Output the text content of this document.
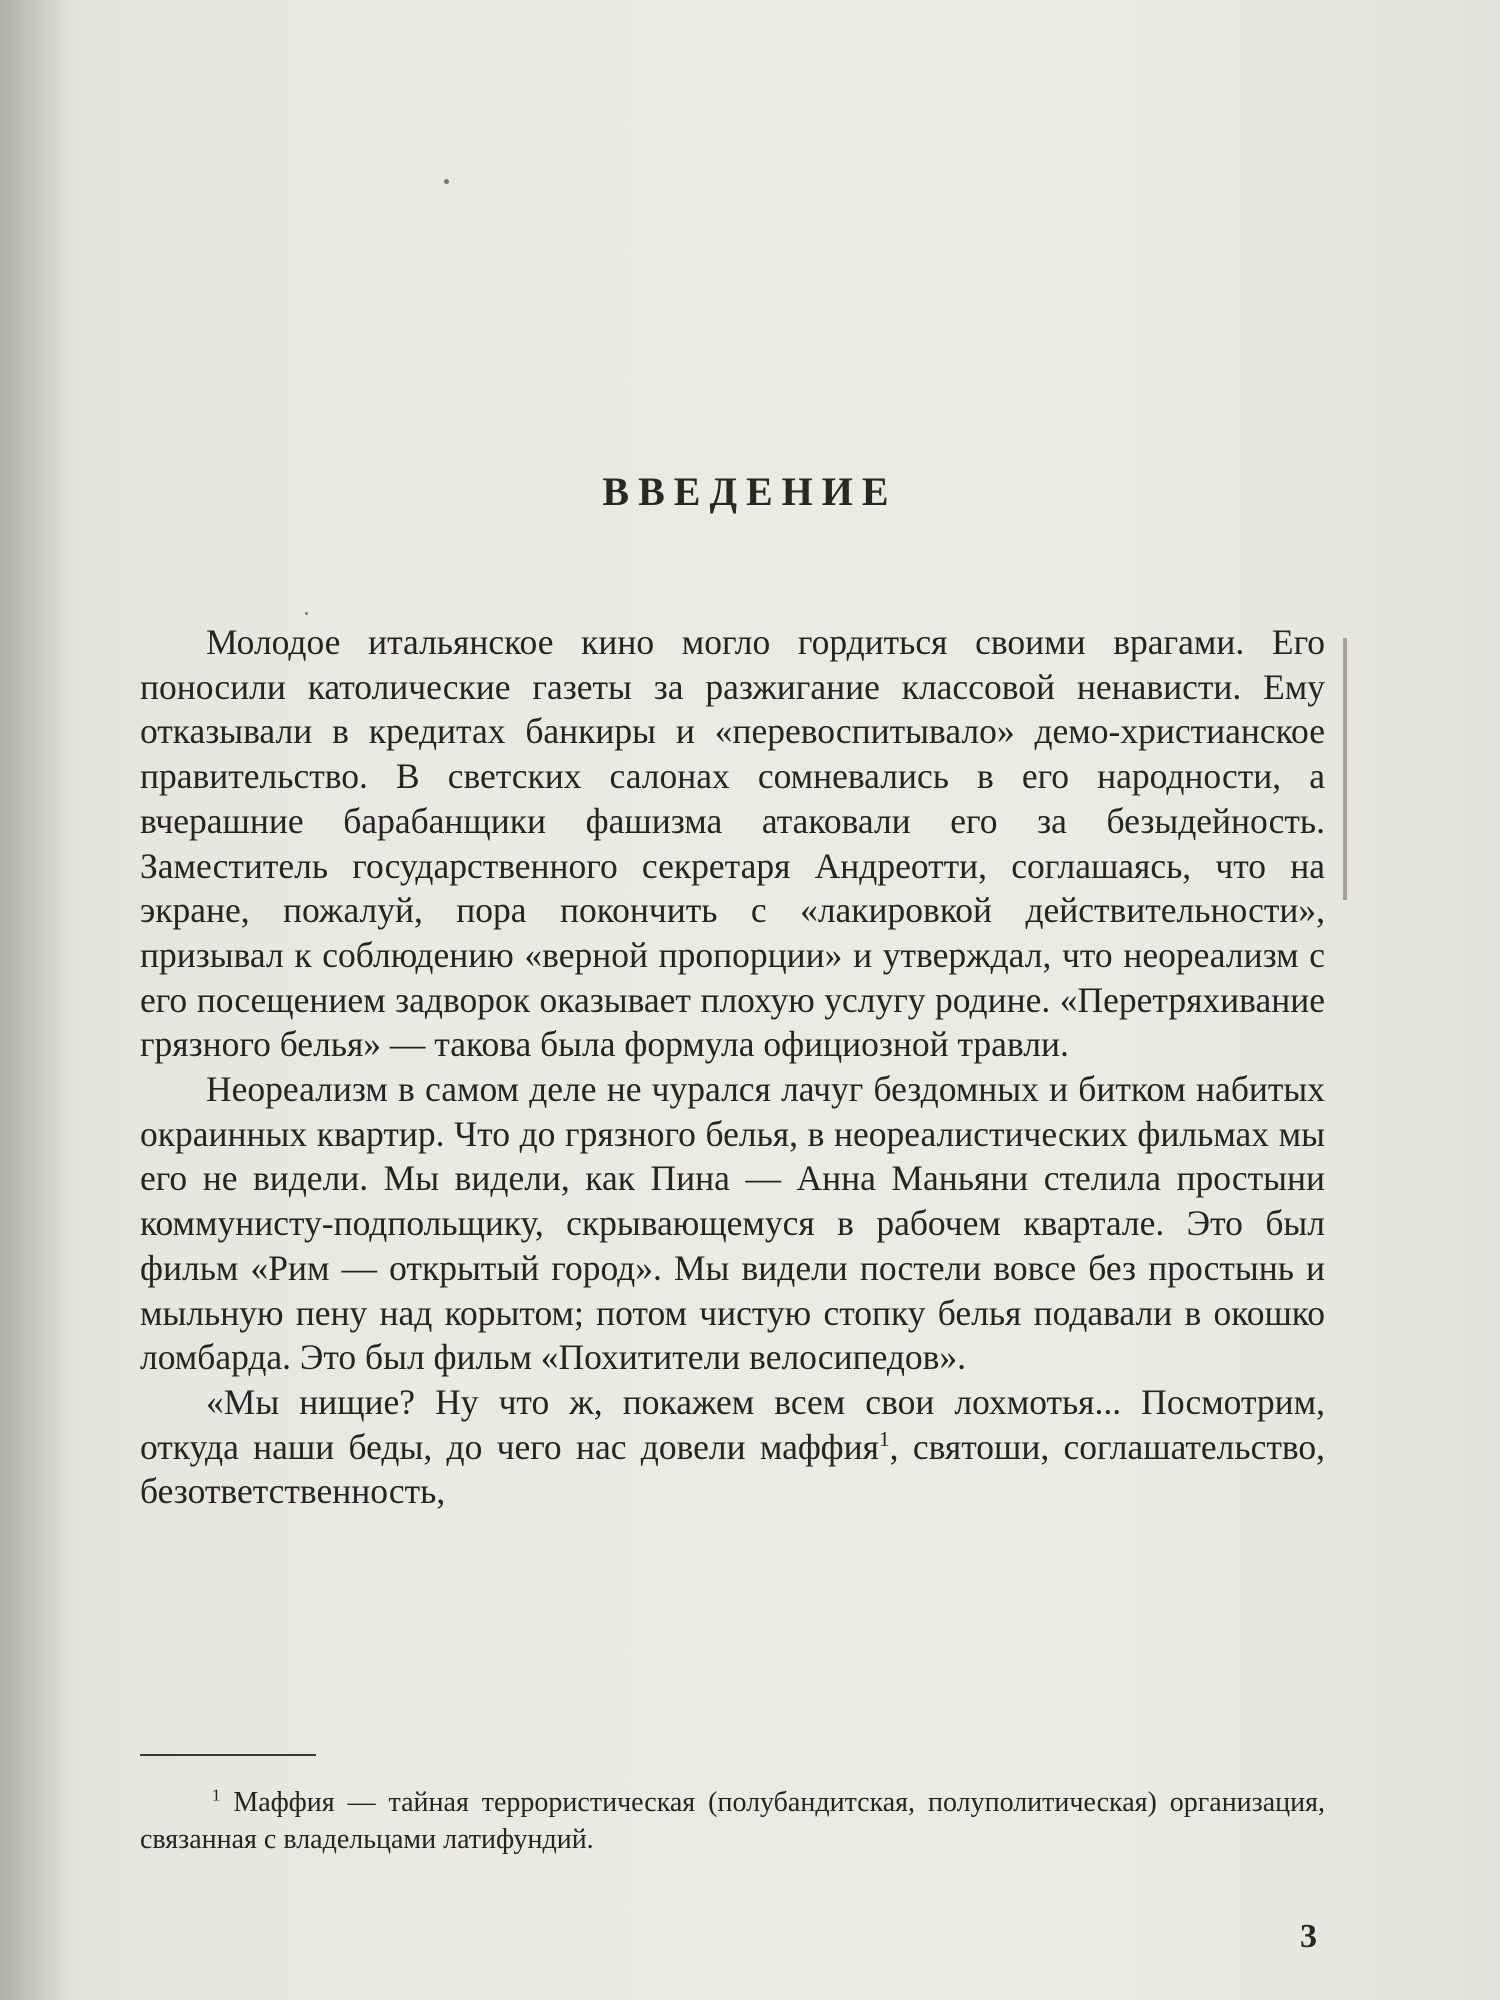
ВВЕДЕНИЕ

Молодое итальянское кино могло гордиться своими врагами. Его поносили католические газеты за разжигание классовой ненависти. Ему отказывали в кредитах банкиры и «перевоспитывало» демо-христианское правительство. В светских салонах сомневались в его народности, а вчерашние барабанщики фашизма атаковали его за безыдейность. Заместитель государственного секретаря Андреотти, соглашаясь, что на экране, пожалуй, пора покончить с «лакировкой действительности», призывал к соблюдению «верной пропорции» и утверждал, что неореализм с его посещением задворок оказывает плохую услугу родине. «Перетряхивание грязного белья» — такова была формула официозной травли.

Неореализм в самом деле не чурался лачуг бездомных и битком набитых окраинных квартир. Что до грязного белья, в неореалистических фильмах мы его не видели. Мы видели, как Пина — Анна Маньяни стелила простыни коммунисту-подпольщику, скрывающемуся в рабочем квартале. Это был фильм «Рим — открытый город». Мы видели постели вовсе без простынь и мыльную пену над корытом; потом чистую стопку белья подавали в окошко ломбарда. Это был фильм «Похитители велосипедов».

«Мы нищие? Ну что ж, покажем всем свои лохмотья... Посмотрим, откуда наши беды, до чего нас довели маффия$^1$, святоши, соглашательство, безответственность,

$^1$ Маффия — тайная террористическая (полубандитская, полуполитическая) организация, связанная с владельцами латифундий.

3
